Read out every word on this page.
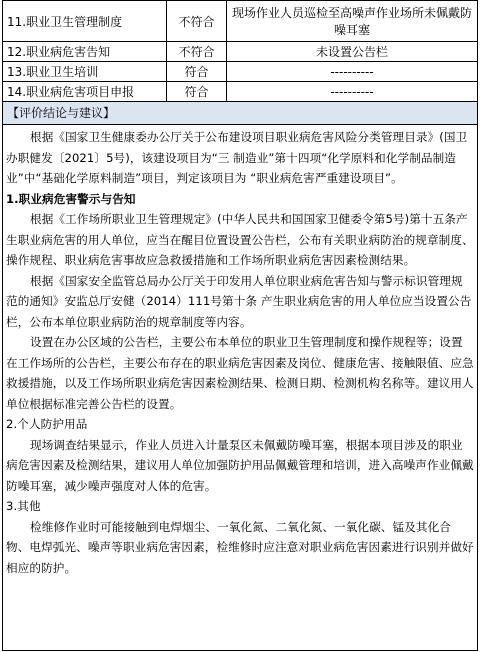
11.职业卫生管理制度	不符合	现场作业人员巡检至高噪声作业场所未佩戴防噪耳塞
12.职业病危害告知	不符合	未设置公告栏
13.职业卫生培训	符合	----------
14.职业病危害项目申报	符合	----------
【评价结论与建议】

根据《国家卫生健康委办公厅关于公布建设项目职业病危害风险分类管理目录》(国卫办职健发〔2021〕5号)，该建设项目为“三 制造业”第十四项“化学原料和化学制品制造业”中“基础化学原料制造”项目，判定该项目为 “职业病危害严重建设项目”。

1.职业病危害警示与告知

根据《工作场所职业卫生管理规定》(中华人民共和国国家卫健委令第5号)第十五条产生职业病危害的用人单位，应当在醒目位置设置公告栏，公布有关职业病防治的规章制度、操作规程、职业病危害事故应急救援措施和工作场所职业病危害因素检测结果。

根据《国家安全监管总局办公厅关于印发用人单位职业病危害告知与警示标识管理规范的通知》安监总厅安健（2014）111号第十条 产生职业病危害的用人单位应当设置公告栏，公布本单位职业病防治的规章制度等内容。

设置在办公区域的公告栏，主要公布本单位的职业卫生管理制度和操作规程等；设置在工作场所的公告栏，主要公布存在的职业病危害因素及岗位、健康危害、接触限值、应急救援措施，以及工作场所职业病危害因素检测结果、检测日期、检测机构名称等。建议用人单位根据标准完善公告栏的设置。

2.个人防护用品

现场调查结果显示，作业人员进入计量泵区未佩戴防噪耳塞，根据本项目涉及的职业病危害因素及检测结果，建议用人单位加强防护用品佩戴管理和培训，进入高噪声作业佩戴防噪耳塞，减少噪声强度对人体的危害。

3.其他

检维修作业时可能接触到电焊烟尘、一氧化氮、二氧化氮、一氧化碳、锰及其化合物、电焊弧光、噪声等职业病危害因素，检维修时应注意对职业病危害因素进行识别并做好相应的防护。
